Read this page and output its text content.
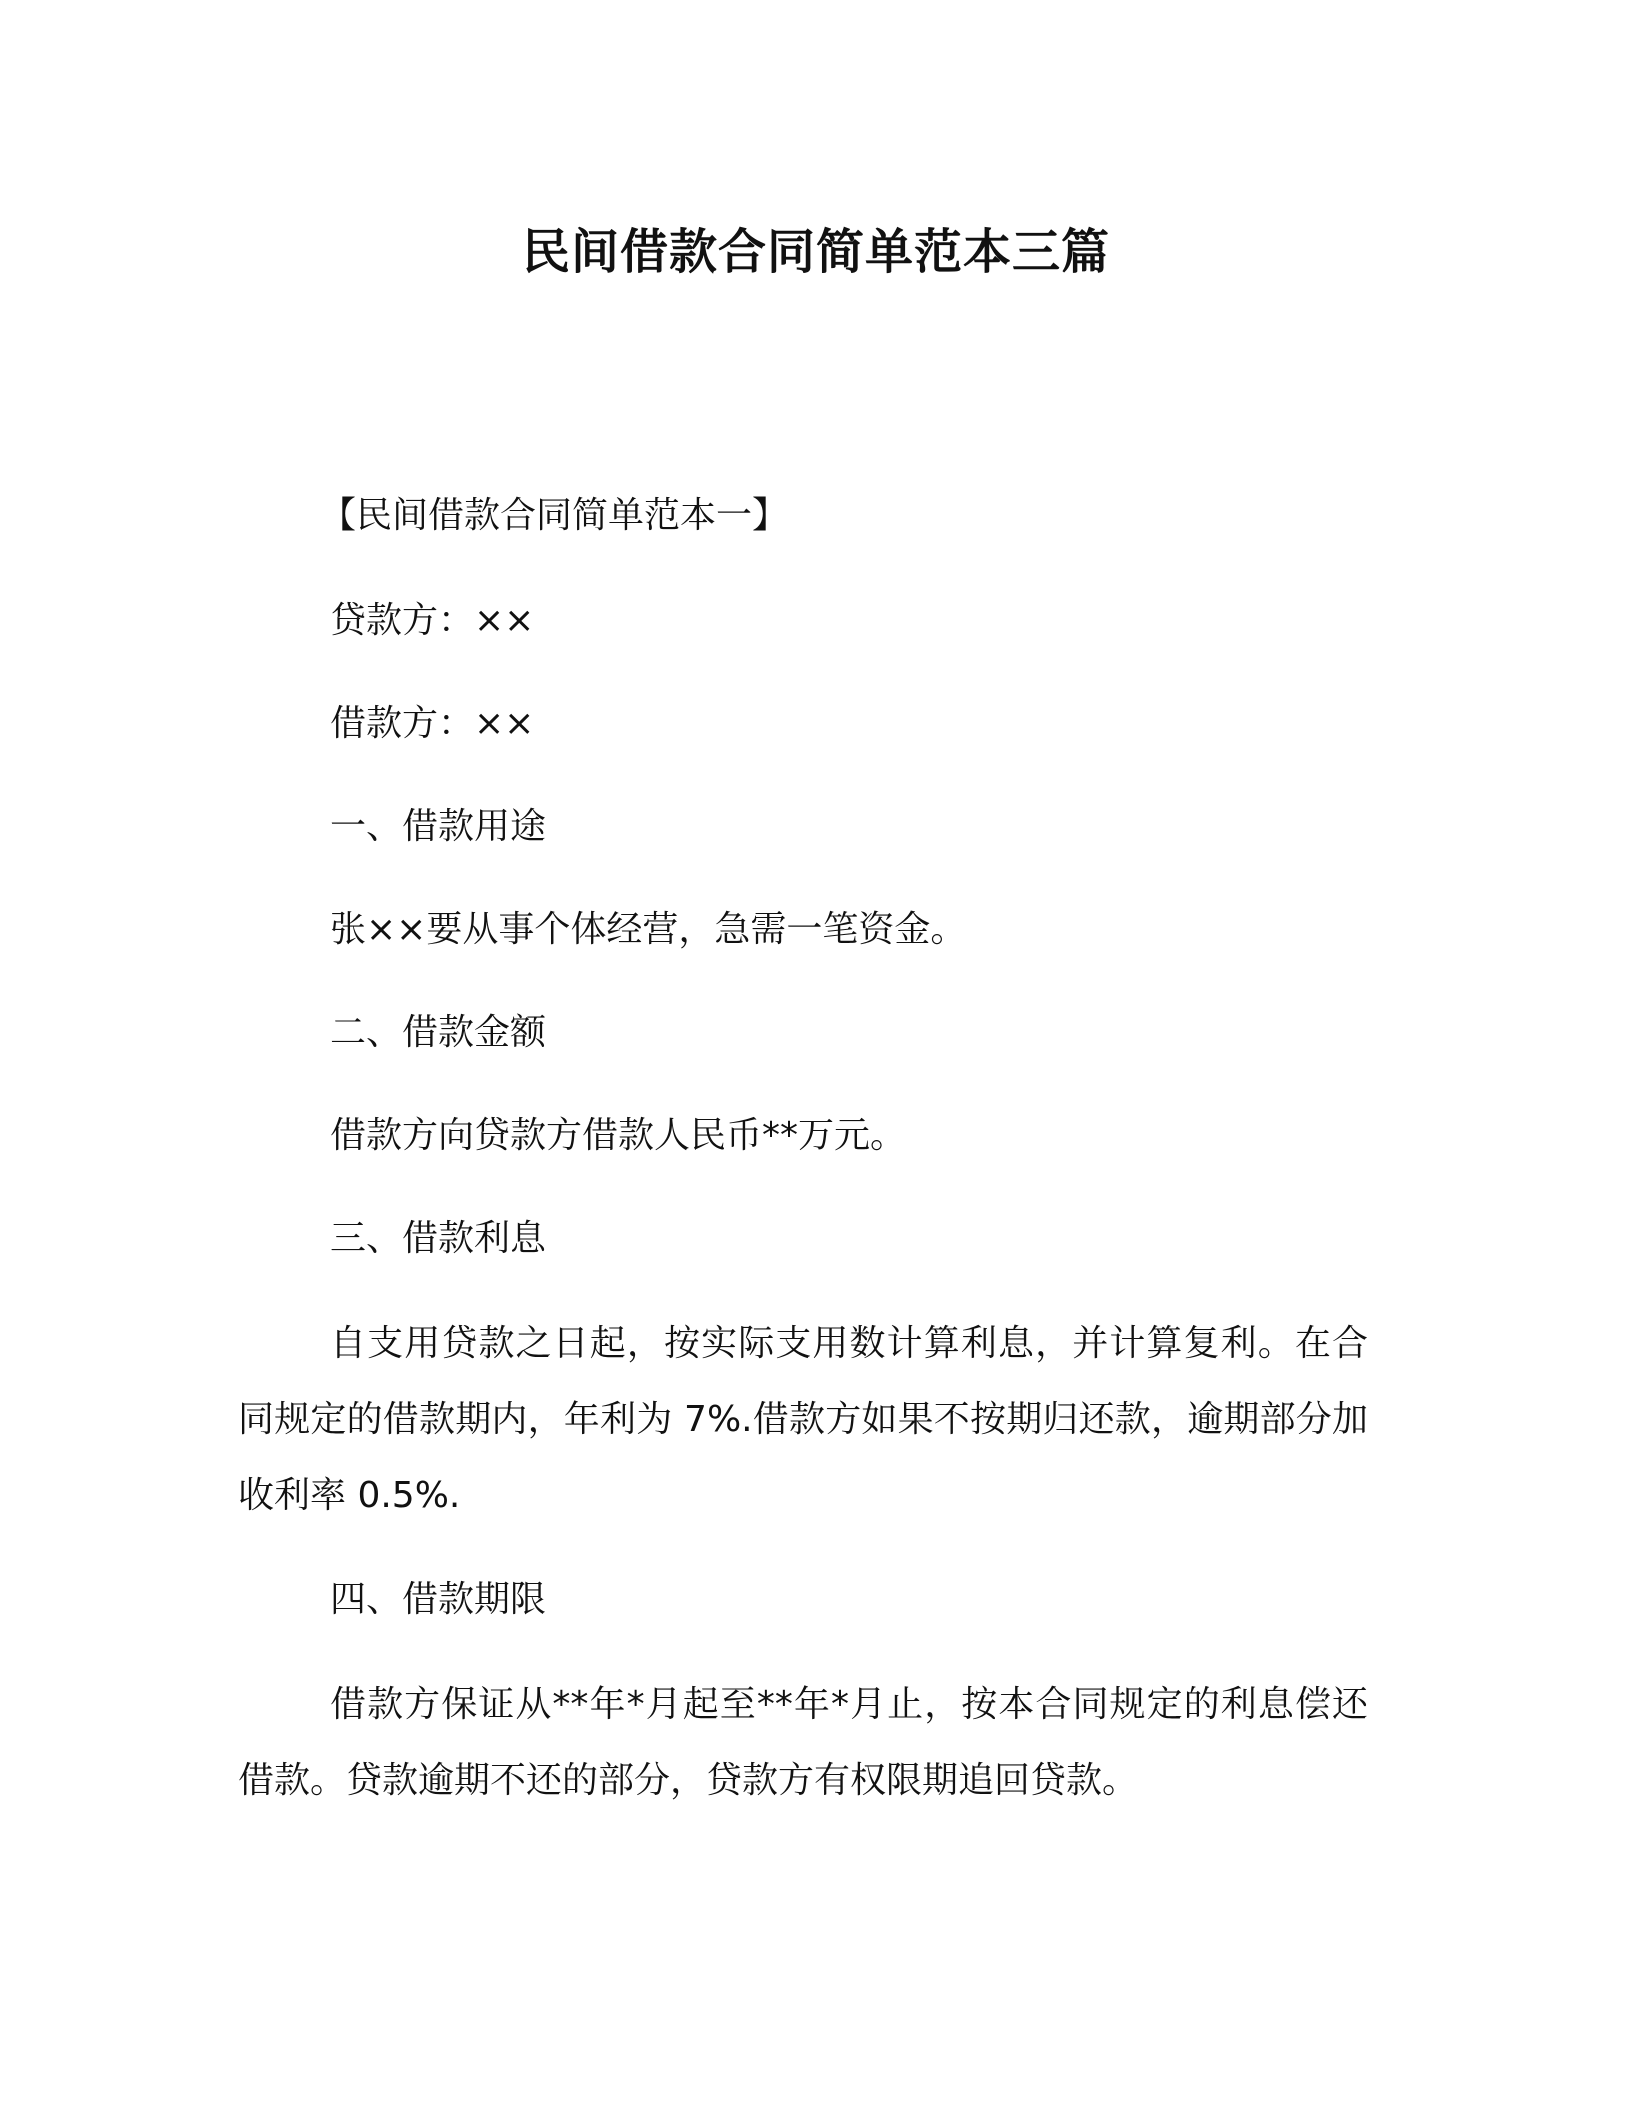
民间借款合同简单范本三篇
【民间借款合同简单范本一】
贷款方：××
借款方：××
一、借款用途
张××要从事个体经营，急需一笔资金。
二、借款金额
借款方向贷款方借款人民币**万元。
三、借款利息

自支用贷款之日起，按实际支用数计算利息，并计算复利。在合同规定的借款期内，年利为 7%.借款方如果不按期归还款，逾期部分加收利率 0.5%.

四、借款期限

借款方保证从**年*月起至**年*月止，按本合同规定的利息偿还借款。贷款逾期不还的部分，贷款方有权限期追回贷款。
